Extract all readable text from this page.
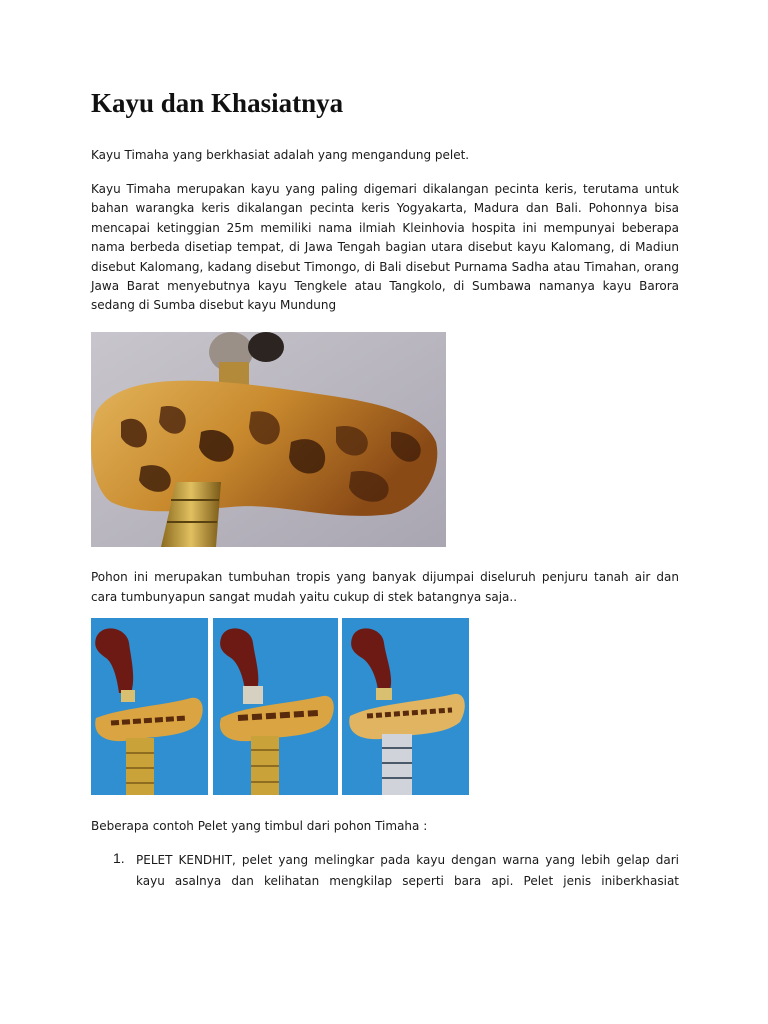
Kayu dan Khasiatnya

Kayu Timaha yang berkhasiat adalah yang mengandung pelet.

Kayu Timaha merupakan kayu yang paling digemari dikalangan pecinta keris, terutama untuk bahan warangka keris dikalangan pecinta keris Yogyakarta, Madura dan Bali. Pohonnya bisa mencapai ketinggian 25m memiliki nama ilmiah Kleinhovia hospita ini mempunyai beberapa nama berbeda disetiap tempat, di Jawa Tengah bagian utara disebut kayu Kalomang, di Madiun disebut Kalomang, kadang disebut Timongo, di Bali disebut Purnama Sadha atau Timahan, orang Jawa Barat menyebutnya kayu Tengkele atau Tangkolo, di Sumbawa namanya kayu Barora sedang di Sumba disebut kayu Mundung

Pohon ini merupakan tumbuhan tropis yang banyak dijumpai diseluruh penjuru tanah air dan cara tumbunyapun sangat mudah yaitu cukup di stek batangnya saja..

Beberapa contoh Pelet yang timbul dari pohon Timaha :

1. PELET KENDHIT, pelet yang melingkar pada kayu dengan warna yang lebih gelap dari kayu asalnya dan kelihatan mengkilap seperti bara api. Pelet jenis iniberkhasiat
